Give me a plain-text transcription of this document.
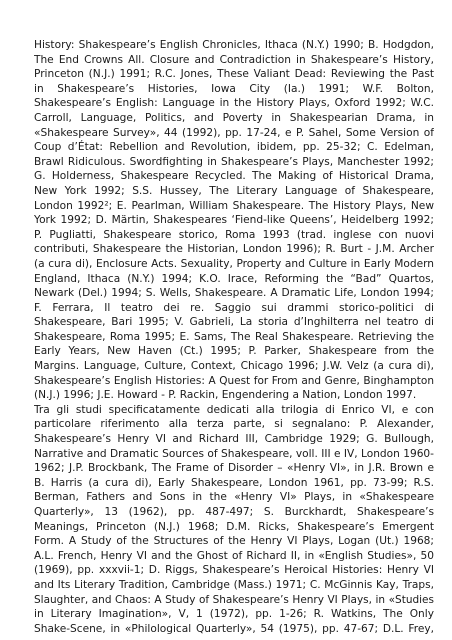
History: Shakespeare’s English Chronicles, Ithaca (N.Y.) 1990; B. Hodgdon,
The End Crowns All. Closure and Contradiction in Shakespeare’s History,
Princeton (N.J.) 1991; R.C. Jones, These Valiant Dead: Reviewing the Past
in Shakespeare’s Histories, Iowa City (Ia.) 1991; W.F. Bolton,
Shakespeare’s English: Language in the History Plays, Oxford 1992; W.C.
Carroll, Language, Politics, and Poverty in Shakespearian Drama, in
«Shakespeare Survey», 44 (1992), pp. 17-24, e P. Sahel, Some Version of
Coup d’État: Rebellion and Revolution, ibidem, pp. 25-32; C. Edelman,
Brawl Ridiculous. Swordfighting in Shakespeare’s Plays, Manchester 1992;
G. Holderness, Shakespeare Recycled. The Making of Historical Drama,
New York 1992; S.S. Hussey, The Literary Language of Shakespeare,
London 1992²; E. Pearlman, William Shakespeare. The History Plays, New
York 1992; D. Märtin, Shakespeares ‘Fiend-like Queens’, Heidelberg 1992;
P. Pugliatti, Shakespeare storico, Roma 1993 (trad. inglese con nuovi
contributi, Shakespeare the Historian, London 1996); R. Burt - J.M. Archer
(a cura di), Enclosure Acts. Sexuality, Property and Culture in Early Modern
England, Ithaca (N.Y.) 1994; K.O. Irace, Reforming the “Bad” Quartos,
Newark (Del.) 1994; S. Wells, Shakespeare. A Dramatic Life, London 1994;
F. Ferrara, Il teatro dei re. Saggio sui drammi storico-politici di
Shakespeare, Bari 1995; V. Gabrieli, La storia d’Inghilterra nel teatro di
Shakespeare, Roma 1995; E. Sams, The Real Shakespeare. Retrieving the
Early Years, New Haven (Ct.) 1995; P. Parker, Shakespeare from the
Margins. Language, Culture, Context, Chicago 1996; J.W. Velz (a cura di),
Shakespeare’s English Histories: A Quest for From and Genre, Binghampton
(N.J.) 1996; J.E. Howard - P. Rackin, Engendering a Nation, London 1997.
Tra gli studi specificatamente dedicati alla trilogia di Enrico VI, e con
particolare riferimento alla terza parte, si segnalano: P. Alexander,
Shakespeare’s Henry VI and Richard III, Cambridge 1929; G. Bullough,
Narrative and Dramatic Sources of Shakespeare, voll. III e IV, London 1960-
1962; J.P. Brockbank, The Frame of Disorder – «Henry VI», in J.R. Brown e
B. Harris (a cura di), Early Shakespeare, London 1961, pp. 73-99; R.S.
Berman, Fathers and Sons in the «Henry VI» Plays, in «Shakespeare
Quarterly», 13 (1962), pp. 487-497; S. Burckhardt, Shakespeare’s
Meanings, Princeton (N.J.) 1968; D.M. Ricks, Shakespeare’s Emergent
Form. A Study of the Structures of the Henry VI Plays, Logan (Ut.) 1968;
A.L. French, Henry VI and the Ghost of Richard II, in «English Studies», 50
(1969), pp. xxxvii-1; D. Riggs, Shakespeare’s Heroical Histories: Henry VI
and Its Literary Tradition, Cambridge (Mass.) 1971; C. McGinnis Kay, Traps,
Slaughter, and Chaos: A Study of Shakespeare’s Henry VI Plays, in «Studies
in Literary Imagination», V, 1 (1972), pp. 1-26; R. Watkins, The Only
Shake-Scene, in «Philological Quarterly», 54 (1975), pp. 47-67; D.L. Frey,
